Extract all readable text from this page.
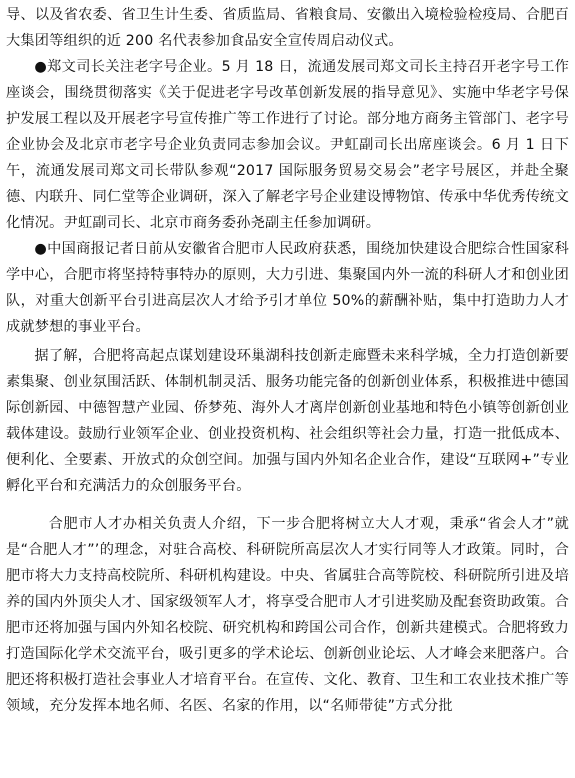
导、以及省农委、省卫生计生委、省质监局、省粮食局、安徽出入境检验检疫局、合肥百大集团等组织的近 200 名代表参加食品安全宣传周启动仪式。

●郑文司长关注老字号企业。5 月 18 日，流通发展司郑文司长主持召开老字号工作座谈会，围绕贯彻落实《关于促进老字号改革创新发展的指导意见》、实施中华老字号保护发展工程以及开展老字号宣传推广等工作进行了讨论。部分地方商务主管部门、老字号企业协会及北京市老字号企业负责同志参加会议。尹虹副司长出席座谈会。6 月 1 日下午，流通发展司郑文司长带队参观“2017 国际服务贸易交易会”老字号展区，并赴全聚德、内联升、同仁堂等企业调研，深入了解老字号企业建设博物馆、传承中华优秀传统文化情况。尹虹副司长、北京市商务委孙尧副主任参加调研。

●中国商报记者日前从安徽省合肥市人民政府获悉，围绕加快建设合肥综合性国家科学中心，合肥市将坚持特事特办的原则，大力引进、集聚国内外一流的科研人才和创业团队，对重大创新平台引进高层次人才给予引才单位 50%的薪酬补贴，集中打造助力人才成就梦想的事业平台。

据了解，合肥将高起点谋划建设环巢湖科技创新走廊暨未来科学城，全力打造创新要素集聚、创业氛围活跃、体制机制灵活、服务功能完备的创新创业体系，积极推进中德国际创新园、中德智慧产业园、侨梦苑、海外人才离岸创新创业基地和特色小镇等创新创业载体建设。鼓励行业领军企业、创业投资机构、社会组织等社会力量，打造一批低成本、便利化、全要素、开放式的众创空间。加强与国内外知名企业合作，建设“互联网+”专业孵化平台和充满活力的众创服务平台。

合肥市人才办相关负责人介绍，下一步合肥将树立大人才观，秉承“省会人才”就是“合肥人才”’的理念，对驻合高校、科研院所高层次人才实行同等人才政策。同时，合肥市将大力支持高校院所、科研机构建设。中央、省属驻合高等院校、科研院所引进及培养的国内外顶尖人才、国家级领军人才，将享受合肥市人才引进奖励及配套资助政策。合肥市还将加强与国内外知名校院、研究机构和跨国公司合作，创新共建模式。合肥将致力打造国际化学术交流平台，吸引更多的学术论坛、创新创业论坛、人才峰会来肥落户。合肥还将积极打造社会事业人才培育平台。在宣传、文化、教育、卫生和工农业技术推广等领域，充分发挥本地名师、名医、名家的作用，以“名师带徒”方式分批
